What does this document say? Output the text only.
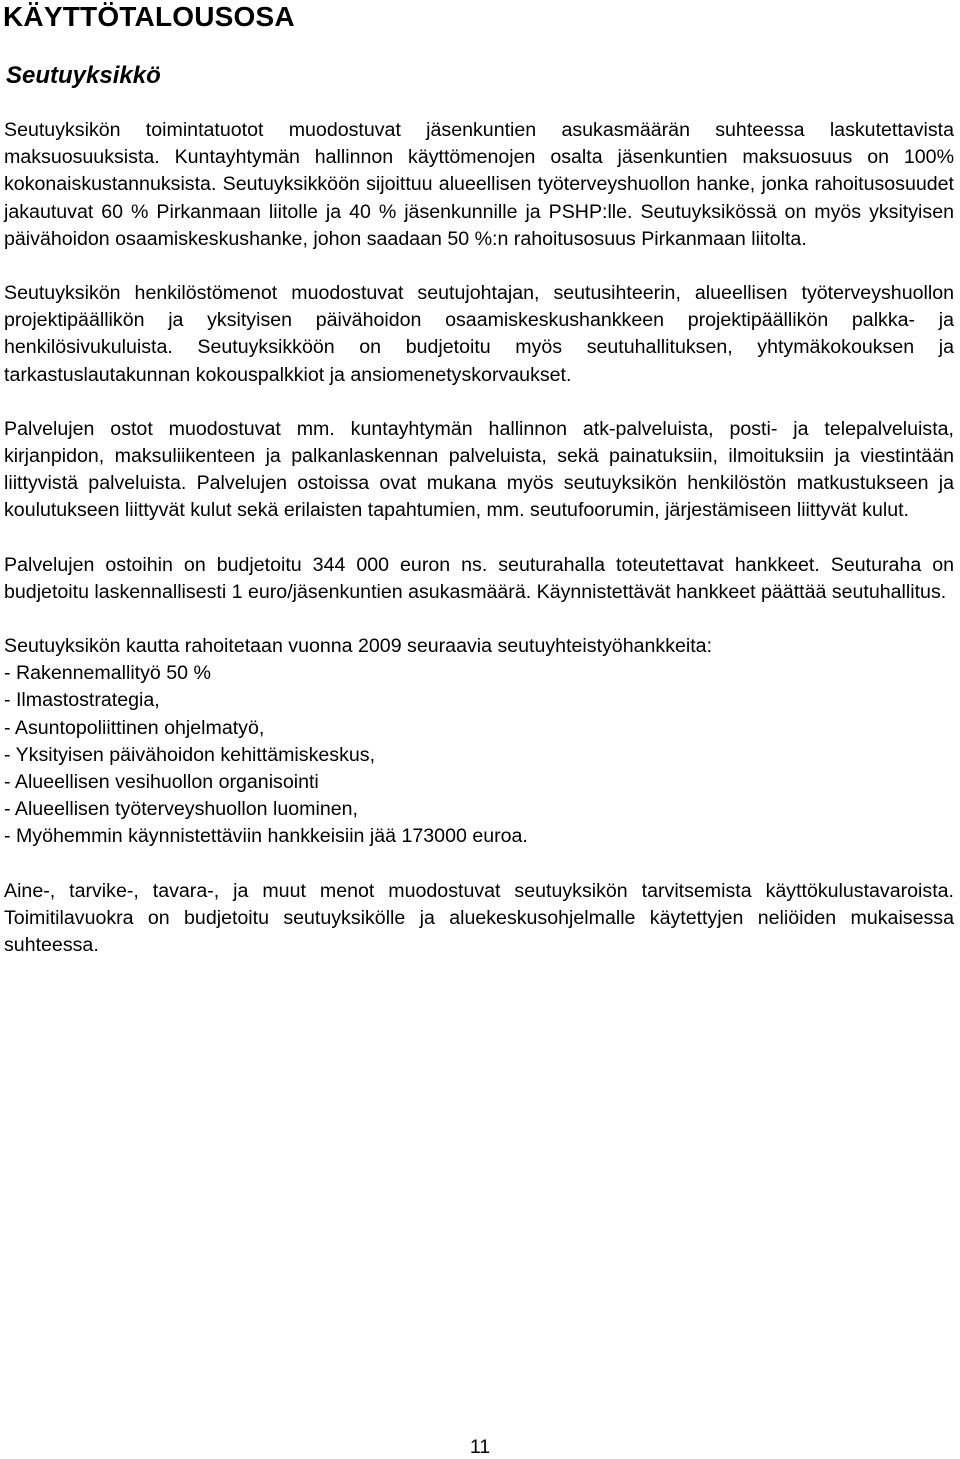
KÄYTTÖTALOUSOSA
Seutuyksikkö

Seutuyksikön toimintatuotot muodostuvat jäsenkuntien asukasmäärän suhteessa laskutettavista maksuosuuksista. Kuntayhtymän hallinnon käyttömenojen osalta jäsenkuntien maksuosuus on 100% kokonaiskustannuksista. Seutuyksikköön sijoittuu alueellisen työterveyshuollon hanke, jonka rahoitusosuudet jakautuvat 60 % Pirkanmaan liitolle ja 40 % jäsenkunnille ja PSHP:lle. Seutuyksikössä on myös yksityisen päivähoidon osaamiskeskushanke, johon saadaan 50 %:n rahoitusosuus Pirkanmaan liitolta.

Seutuyksikön henkilöstömenot muodostuvat seutujohtajan, seutusihteerin, alueellisen työterveyshuollon projektipäällikön ja yksityisen päivähoidon osaamiskeskushankkeen projektipäällikön palkka- ja henkilösivukuluista. Seutuyksikköön on budjetoitu myös seutuhallituksen, yhtymäkokouksen ja tarkastuslautakunnan kokouspalkkiot ja ansiomenetyskorvaukset.

Palvelujen ostot muodostuvat mm. kuntayhtymän hallinnon atk-palveluista, posti- ja telepalveluista, kirjanpidon, maksuliikenteen ja palkanlaskennan palveluista, sekä painatuksiin, ilmoituksiin ja viestintään liittyvistä palveluista. Palvelujen ostoissa ovat mukana myös seutuyksikön henkilöstön matkustukseen ja koulutukseen liittyvät kulut sekä erilaisten tapahtumien, mm. seutufoorumin, järjestämiseen liittyvät kulut.

Palvelujen ostoihin on budjetoitu 344 000 euron ns. seuturahalla toteutettavat hankkeet. Seuturaha on budjetoitu laskennallisesti 1 euro/jäsenkuntien asukasmäärä. Käynnistettävät hankkeet päättää seutuhallitus.

Seutuyksikön kautta rahoitetaan vuonna 2009 seuraavia seutuyhteistyöhankkeita:

- Rakennemallityö 50 %
- Ilmastostrategia,
- Asuntopoliittinen ohjelmatyö,
- Yksityisen päivähoidon kehittämiskeskus,
- Alueellisen vesihuollon organisointi
- Alueellisen työterveyshuollon luominen,
- Myöhemmin käynnistettäviin hankkeisiin jää 173000 euroa.

Aine-, tarvike-, tavara-, ja muut menot muodostuvat seutuyksikön tarvitsemista käyttökulustavaroista. Toimitilavuokra on budjetoitu seutuyksikölle ja aluekeskusohjelmalle käytettyjen neliöiden mukaisessa suhteessa.

11
